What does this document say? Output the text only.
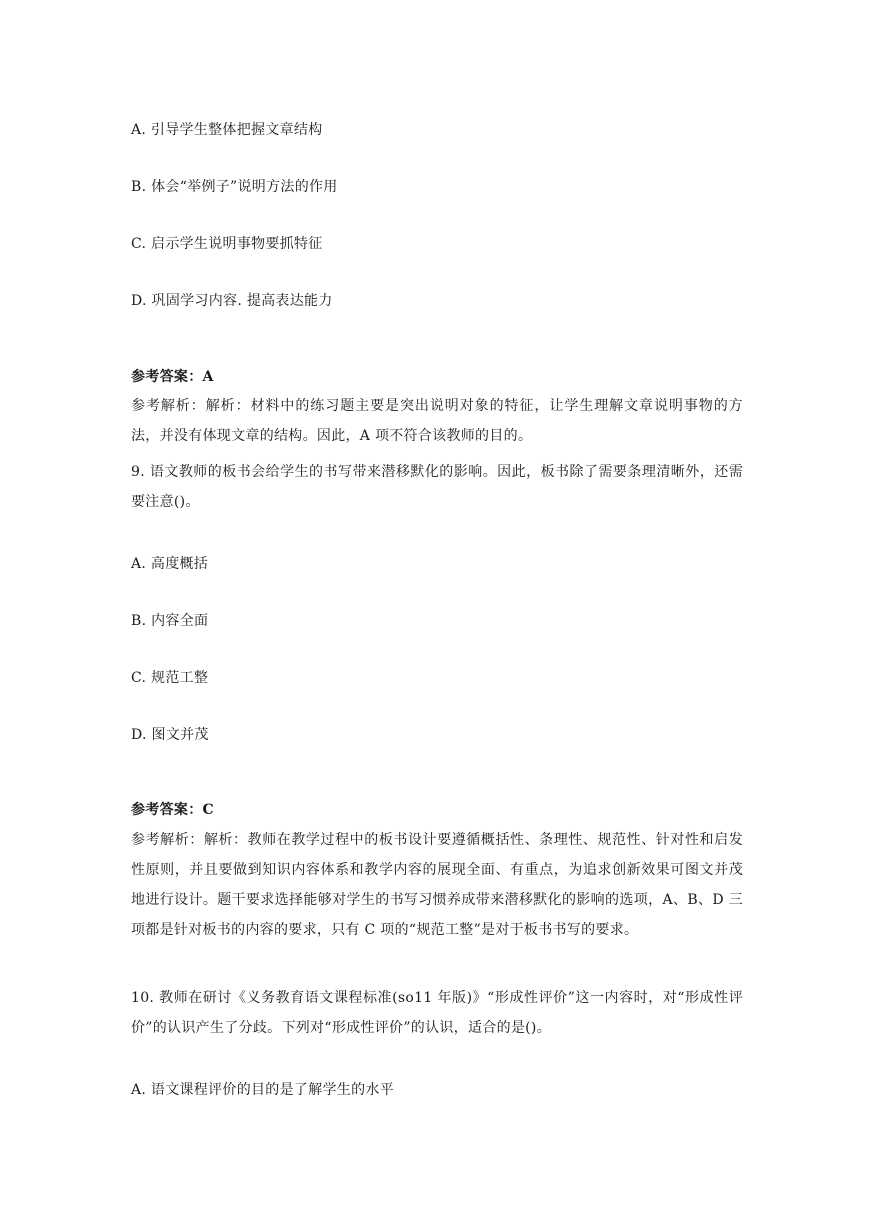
A. 引导学生整体把握文章结构
B. 体会“举例子”说明方法的作用
C. 启示学生说明事物要抓特征
D. 巩固学习内容. 提高表达能力
参考答案：A
参考解析：解析：材料中的练习题主要是突出说明对象的特征，让学生理解文章说明事物的方法，并没有体现文章的结构。因此，A 项不符合该教师的目的。
9. 语文教师的板书会给学生的书写带来潜移默化的影响。因此，板书除了需要条理清晰外，还需要注意()。
A. 高度概括
B. 内容全面
C. 规范工整
D. 图文并茂
参考答案：C
参考解析：解析：教师在教学过程中的板书设计要遵循概括性、条理性、规范性、针对性和启发性原则，并且要做到知识内容体系和教学内容的展现全面、有重点，为追求创新效果可图文并茂地进行设计。题干要求选择能够对学生的书写习惯养成带来潜移默化的影响的选项，A、B、D 三项都是针对板书的内容的要求，只有 C 项的“规范工整”是对于板书书写的要求。
10. 教师在研讨《义务教育语文课程标准(so11 年版)》“形成性评价”这一内容时，对“形成性评价”的认识产生了分歧。下列对“形成性评价”的认识，适合的是()。
A. 语文课程评价的目的是了解学生的水平
